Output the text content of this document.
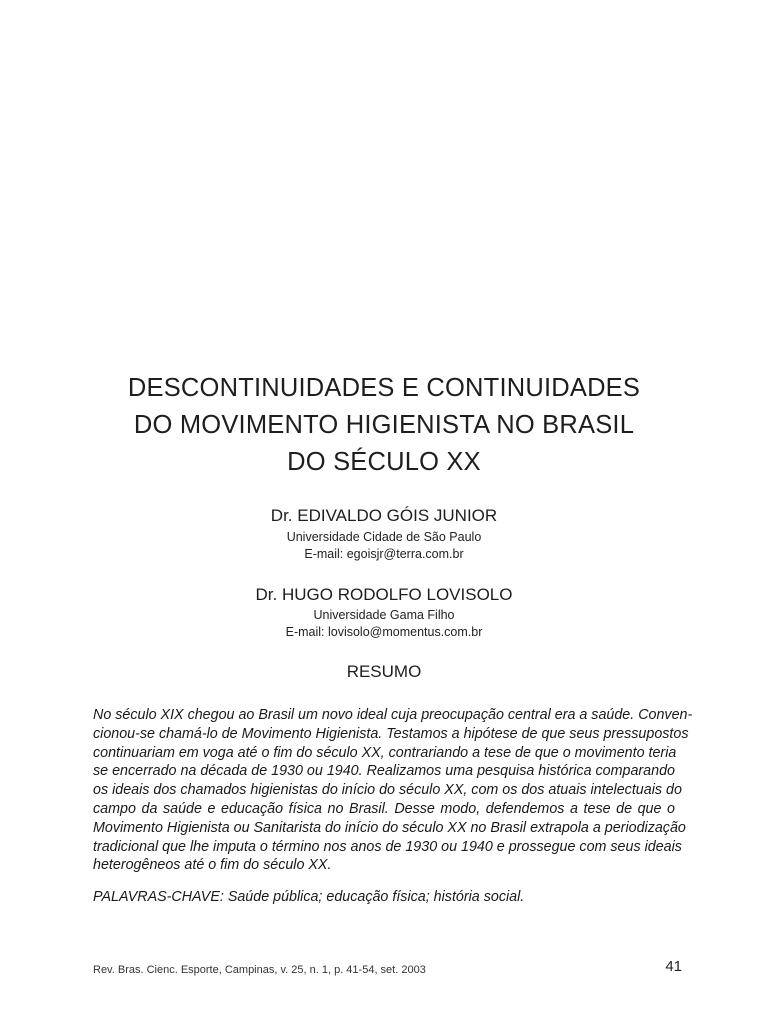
DESCONTINUIDADES E CONTINUIDADES
DO MOVIMENTO HIGIENISTA NO BRASIL
DO SÉCULO XX
Dr. EDIVALDO GÓIS JUNIOR
Universidade Cidade de São Paulo
E-mail: egoisjr@terra.com.br
Dr. HUGO RODOLFO LOVISOLO
Universidade Gama Filho
E-mail: lovisolo@momentus.com.br
RESUMO
No século XIX chegou ao Brasil um novo ideal cuja preocupação central era a saúde. Conven-
cionou-se chamá-lo de Movimento Higienista. Testamos a hipótese de que seus pressupostos
continuariam em voga até o fim do século XX, contrariando a tese de que o movimento teria
se encerrado na década de 1930 ou 1940. Realizamos uma pesquisa histórica comparando
os ideais dos chamados higienistas do início do século XX, com os dos atuais intelectuais do
campo da saúde e educação física no Brasil. Desse modo, defendemos a tese de que o
Movimento Higienista ou Sanitarista do início do século XX no Brasil extrapola a periodização
tradicional que lhe imputa o término nos anos de 1930 ou 1940 e prossegue com seus ideais
heterogêneos até o fim do século XX.
PALAVRAS-CHAVE: Saúde pública; educação física; história social.
Rev. Bras. Cienc. Esporte, Campinas, v. 25, n. 1, p. 41-54, set. 2003	41
